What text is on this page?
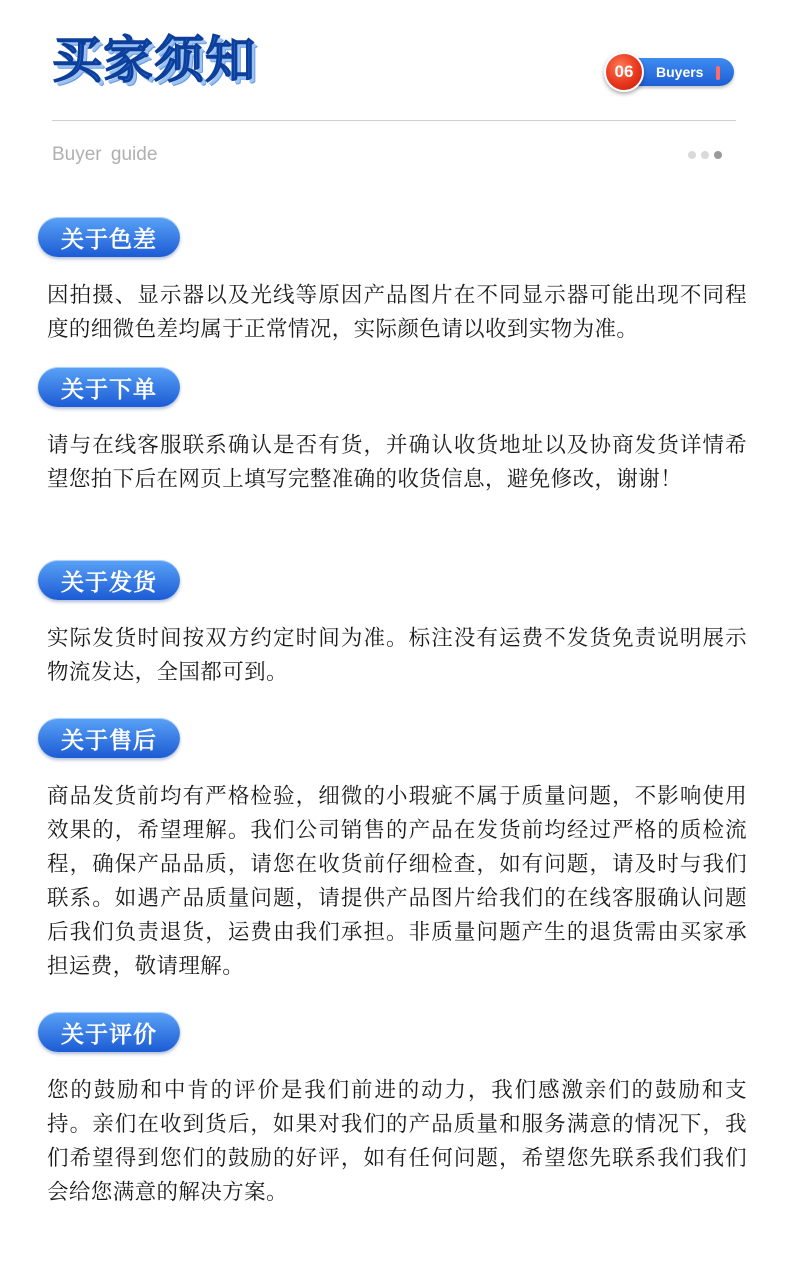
买家须知	Buyers
06
Buyer guide
关于色差
因拍摄、显示器以及光线等原因产品图片在不同显示器可能出现不同程度的细微色差均属于正常情况，实际颜色请以收到实物为准。
关于下单
请与在线客服联系确认是否有货，并确认收货地址以及协商发货详情希望您拍下后在网页上填写完整准确的收货信息，避免修改，谢谢！
关于发货
实际发货时间按双方约定时间为准。标注没有运费不发货免责说明展示物流发达，全国都可到。
关于售后
商品发货前均有严格检验，细微的小瑕疵不属于质量问题，不影响使用效果的，希望理解。我们公司销售的产品在发货前均经过严格的质检流程，确保产品品质，请您在收货前仔细检查，如有问题，请及时与我们联系。如遇产品质量问题，请提供产品图片给我们的在线客服确认问题后我们负责退货，运费由我们承担。非质量问题产生的退货需由买家承担运费，敬请理解。
关于评价
您的鼓励和中肯的评价是我们前进的动力，我们感激亲们的鼓励和支持。亲们在收到货后，如果对我们的产品质量和服务满意的情况下，我们希望得到您们的鼓励的好评，如有任何问题，希望您先联系我们我们会给您满意的解决方案。
